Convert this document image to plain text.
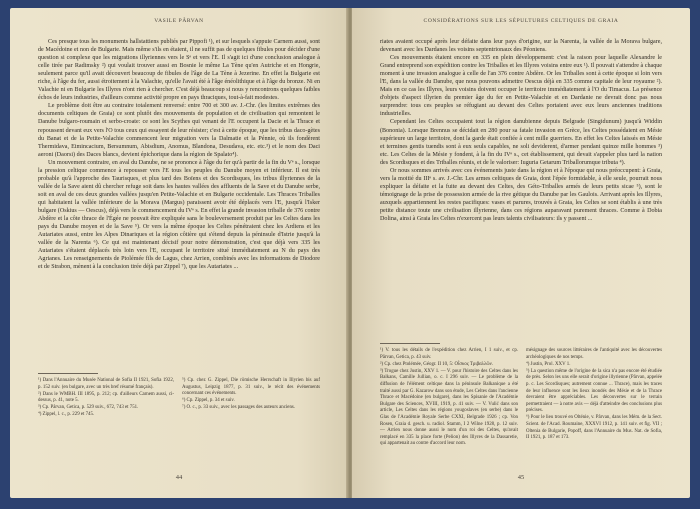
VASILE PÂRVAN

Ces presque tous les monuments hallstattiens publiés par Pippofi ¹), et sur lesquels s'appuie Carnem aussi, sont de Macédoine et non de Bulgarie. Mais même s'ils en étaient, il ne suffit pas de quelques fibules pour décider d'une question si complexe que les migrations illyriennes vers le Sᵉ et vers l'E. Il s'agit ici d'une conclusion analogue à celle tirée par Radimsky ²) qui voulait trouver aussi en Bosnie le même La Tène qu'en Autriche et en Hongrie, seulement parce qu'il avait découvert beaucoup de fibules de l'âge de La Tène à Jezerine. En effet la Bulgarie est riche, à l'âge du fer, aussi étroitement à la Valachie, qu'elle l'avait été à l'âge énéolithique et à l'âge du bronze. Ni en Valachie ni en Bulgarie les Illyres n'ont rien à chercher. C'est déjà beaucoup si nous y rencontrons quelques faibles échos de leurs industries, d'ailleurs comme activité propre en pays thraciques, tout-à-fait modestes.

Le problème doit être au contraire totalement renversé: entre 700 et 300 av. J.-Chr. (les limites extrêmes des documents celtiques de Graia) ce sont plutôt des mouvements de population et de civilisation qui remontent le Danube bulgaro-roumain et serbo-croate: ce sont les Scythes qui venant de l'E occupent la Dacie et la Thrace et repoussent devant eux vers l'O tous ceux qui essayent de leur résister; c'est à cette époque, que les tribus daco-gètes du Banat et de la Petite-Valachie commencent leur migration vers la Dalmatie et la Pénnie, où ils fondèrent Thermidava, Eimincacium, Bersumnum, Abisdium, Anomus, Blandona, Desudava, etc. etc.³) et le nom des Daci aeroni (Daorsi) des Daces blancs, devient épichorique dans la région de Spalato⁴).

Un mouvement contraire, en aval du Danube, ne se prononce à l'âge du fer qu'à partir de la fin du Vᵉ s., lorsque la pression celtique commence à repousser vers l'E tous les peuples du Danube moyen et inférieur. Il est très probable qu'à l'approche des Taurisques, et plus tard des Boïens et des Scordisques, les tribus illyriennes de la vallée de la Save aient dû chercher refuge soit dans les hautes vallées des affluents de la Save et du Danube serbe, soit en aval de ces deux grandes vallées jusqu'en Petite-Valachie et en Bulgarie occidentale. Les Thraces Triballes qui habitaient la vallée inférieure de la Morava (Margus) paraissent avoir été déplacés vers l'E, jusqu'à l'Isker bulgare (Oskius — Oescus), déjà vers le commencement du IVᵉ s. En effet la grande invasion triballe de 376 contre Abdère et la côte thrace de l'Égée ne pouvait être expliquée sans le bouleversement produit par les Celtes dans les pays du Danube moyen et de la Save ⁵). Or vers la même époque les Celtes pénétraient chez les Ardiens et les Autariates aussi, entre les Alpes Dinariques et la région côtière qui s'étend depuis la péninsule d'Istrie jusqu'à la vallée de la Narenta ⁶). Ce qui est maintenant décisif pour notre démonstration, c'est que déjà vers 335 les Autariates s'étaient déplacés très loin vers l'E, occupant le territoire situé immédiatement au N du pays des Agrianes. Les renseignements de Ptolémée fils de Lagus, chez Arrien, combinés avec les informations de Diodore et de Strabon, mènent à la conclusion tirée déjà par Zippel ⁷), que les Autariates ...

¹) Dans l'Annuaire du Musée National de Sofia II 1921, Sofia 1922, p. 152 suiv. (en bulgare, avec un très bref résumé français).
²) Dans le WMBH. III 1895, p. 212; cp. d'ailleurs Carnem aussi, ci-dessus, p. 41, note 5.
³) Cp. Pârvan, Getica, p. 529 suiv., 672, 743 et 751.
⁴) Zippel, l. c., p. 229 et 745.
⁵) Cp. chez G. Zippel, Die römische Herrschaft in Illyrien bis auf Augustus, Leipzig 1877, p. 31 suiv., le récit des événements concernant ces événements.
⁶) Cp. Zippel, p. 34 et suiv.
⁷) O. c., p. 33 suiv., avec les passages des auteurs anciens.
44
CONSIDÉRATIONS SUR LES SÉPULTURES CELTIQUES DE GRAIA

riates avaient occupé après leur défaite dans leur pays d'origine, sur la Narenta, la vallée de la Morava bulgare, devenant avec les Dardanes les voisins septentrionaux des Péoniens.

Ces mouvements étaient encore en 335 en plein développement: c'est la raison pour laquelle Alexandre le Grand entreprend son expédition contre les Triballes et les Illyres voisins entre eux ¹). Il pouvait s'attendre à chaque moment à une invasion analogue à celle de l'an 376 contre Abdère. Or les Triballes sont à cette époque si loin vers l'E, dans la vallée du Danube, que nous pouvons admettre Oescus déjà en 335 comme capitale de leur royaume ²). Mais en ce cas les Illyres, leurs voisins doivent occuper le territoire immédiatement à l'O du Timacus. La présence d'objets d'aspect illyrien du premier âge du fer en Petite-Valachie et en Dardanie ne devrait donc pas nous surprendre: tous ces peuples se réfugiant au devant des Celtes portaient avec eux leurs anciennes traditions industrielles.

Cependant les Celtes occupaient tout la région danubienne depuis Belgrade (Singidunum) jusqu'à Widdin (Bononia). Lorsque Brennus se décidait en 280 pour sa fatale invasion en Grèce, les Celtes possédaient en Mésie supérieure un large territoire, dont la garde était confiée à cent mille guerriers. En effet les Celtes laissés en Mésie et termines gentis tuendis sont à eux seuls capables, ne soli deviderent, d'armer pendant quinze mille hommes ³) etc. Les Celtes de la Mésie y fondent, à la fin du IVᵉ s., cet établissement, qui devait s'appeler plus tard la nation des Scordisques et des Triballes réunis, et de le valoriser: Iuguria Getarum Triballorumque tributa ⁴).

Or nous sommes arrivés avec ces événements juste dans la région et à l'époque qui nous préoccupent: à Graia, vers la moitié du IIIᵉ s. av. J.-Chr. Les armes celtiques de Graia, dont l'épée formidable, à elle seule, pourrait nous expliquer la défaite et la fuite au devant des Celtes, des Géto-Triballes armés de leurs petits sicae ⁵), sont le témoignage de la prise de possession armée de la rive gétique du Danube par les Gaulois. Arrivant après les Illyres, auxquels appartiennent les restes pacifiques: vases et parures, trouvés à Graia, les Celtes se sont établis à une très petite distance toute une civilisation illyrienne, dans ces régions auparavant purement thraces. Comme à Dobia Dolina, ainsi à Graia les Celtes n'exercent pas leurs talents civilisateurs: ils y passent ...

¹) V. tous les détails de l'expédition chez Arrien, I 1 suiv., et cp. Pârvan, Getica, p. 43 suiv.
²) Cp. chez Ptolémée, Géogr. II 10, 5: Οἶσκος Τριβαλλῶν.
³) Trogue chez Justin, XXV 1. — V. pour l'histoire des Celtes dans les Balkans, Camille Jullian, o. c. I 296 suiv. — Le problème de la diffusion de l'élément celtique dans la péninsule Balkanique a été traité aussi par G. Kazarow dans son étude, Les Celtes dans l'ancienne Thrace et Macédoine (en bulgare), dans les Spisanie de l'Académie Bulgare des Sciences, XVIII, 1919, p. 41 suiv. — V. Vulić dans son article, Les Celtes dans les régions yougoslaves (en serbe) dans le Glas de l'Académie Royale Serbe CXXI, Belgrade 1926 ; cp. Von Rosen, Graia d. gesch. u. radiol. Stamm, I 2 Wilne 1928, p. 12 suiv. — Arrien nous donne aussi le nom d'un roi des Celtes, qu'avait remplacé en 335 la place forte (Pelion) des Illyres de la Dassaretie, qui appartenait au contre d'accord leur nom.
mésignage des sources littéraires de l'antiquité avec les découvertes archéologiques de nos temps.
⁴) Justin, Prol. XXV 1.
⁵) La question même de l'origine de la sica n'a pas encore été étudiée de près. Selon les uns elle serait d'origine illyrienne (Pârvan, appelée p. c. Les Scordisques; autrement connue ... Thrace), mais les traces de leur influence sont les lieux inondés des Mésie et de la Thrace devraient être appréciables. Les découvertes sur le terrain permettraient — à notre avis — déjà d'atteindre des conclusions plus précises.
⁶) Pour le lieu trouvé en Olténie, v. Pârvan, dans les Mém. de la Sect. Scient. de l'Acad. Roumaine, XXXVI 1912, p. 141 suiv. et fig. VII ; Oltenia de Bulgarie, Popoff, dans l'Annuaire du Mus. Nat. de Sofia, II 1921, p. 187 et 173.
45
